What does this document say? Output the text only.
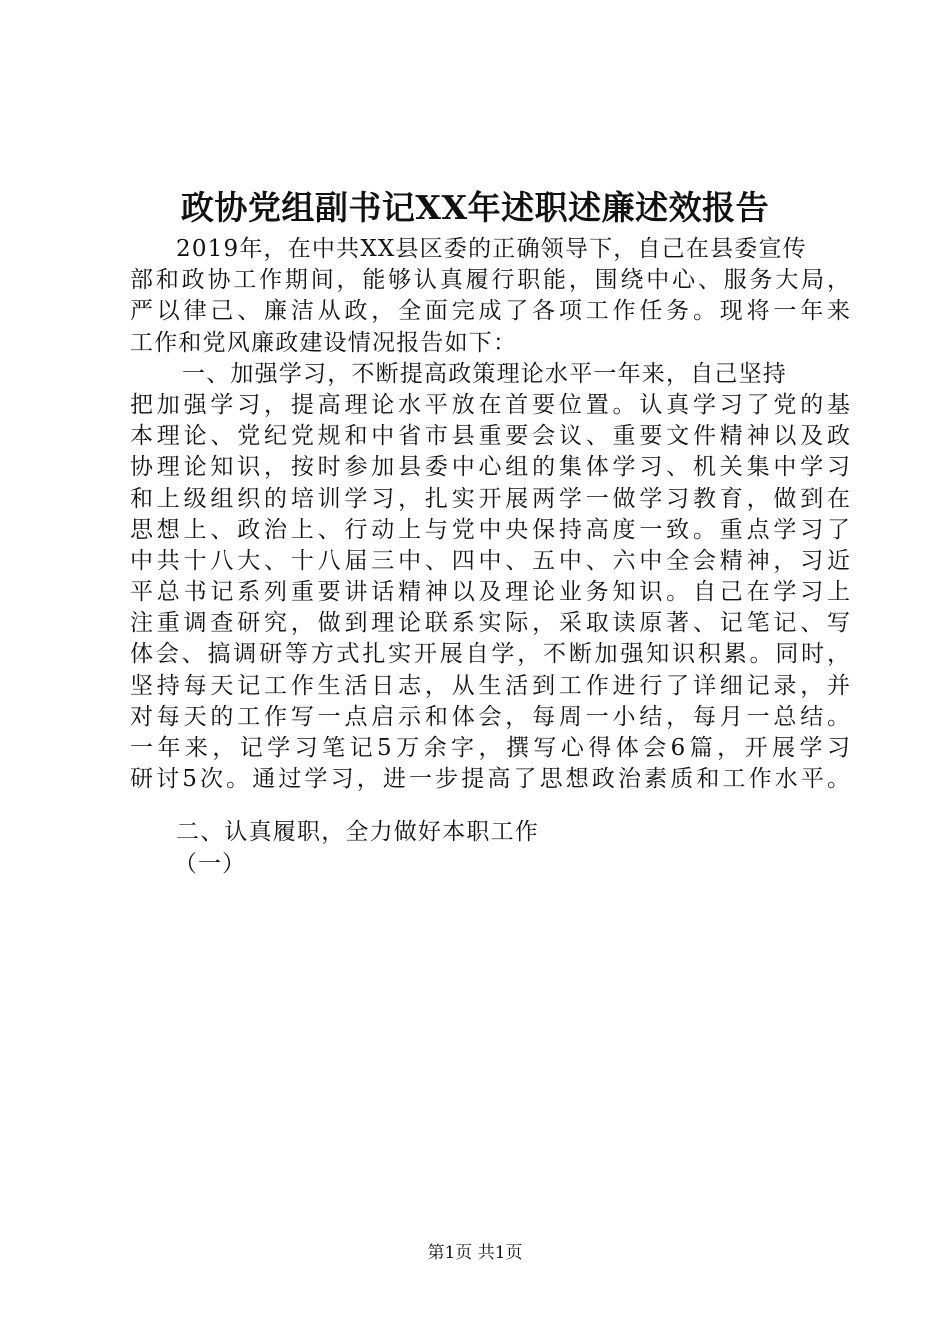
政协党组副书记XX年述职述廉述效报告
2019年，在中共XX县区委的正确领导下，自己在县委宣传
部和政协工作期间，能够认真履行职能，围绕中心、服务大局，
严以律己、廉洁从政，全面完成了各项工作任务。现将一年来
工作和党风廉政建设情况报告如下：
一、加强学习，不断提高政策理论水平一年来，自己坚持
把加强学习，提高理论水平放在首要位置。认真学习了党的基
本理论、党纪党规和中省市县重要会议、重要文件精神以及政
协理论知识，按时参加县委中心组的集体学习、机关集中学习
和上级组织的培训学习，扎实开展两学一做学习教育，做到在
思想上、政治上、行动上与党中央保持高度一致。重点学习了
中共十八大、十八届三中、四中、五中、六中全会精神，习近
平总书记系列重要讲话精神以及理论业务知识。自己在学习上
注重调查研究，做到理论联系实际，采取读原著、记笔记、写
体会、搞调研等方式扎实开展自学，不断加强知识积累。同时，
坚持每天记工作生活日志，从生活到工作进行了详细记录，并
对每天的工作写一点启示和体会，每周一小结，每月一总结。
一年来，记学习笔记5万余字，撰写心得体会6篇，开展学习
研讨5次。通过学习，进一步提高了思想政治素质和工作水平。
二、认真履职，全力做好本职工作
（一）
第1页 共1页
